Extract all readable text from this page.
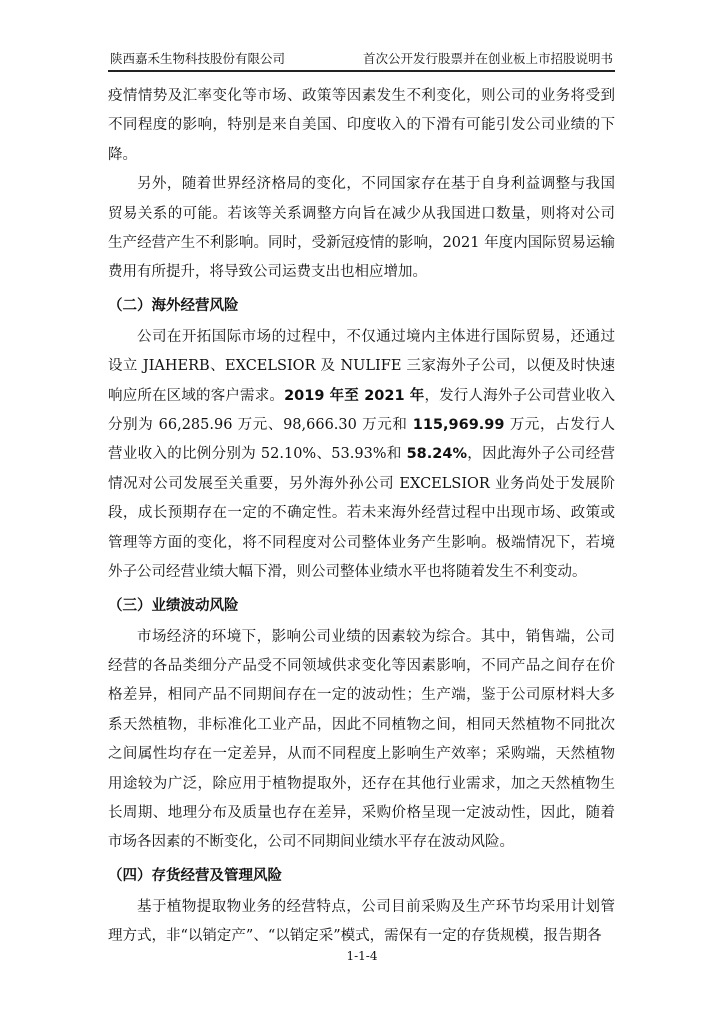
陕西嘉禾生物科技股份有限公司	首次公开发行股票并在创业板上市招股说明书

疫情情势及汇率变化等市场、政策等因素发生不利变化，则公司的业务将受到不同程度的影响，特别是来自美国、印度收入的下滑有可能引发公司业绩的下降。

另外，随着世界经济格局的变化，不同国家存在基于自身利益调整与我国贸易关系的可能。若该等关系调整方向旨在减少从我国进口数量，则将对公司生产经营产生不利影响。同时，受新冠疫情的影响，2021 年度内国际贸易运输费用有所提升，将导致公司运费支出也相应增加。

（二）海外经营风险

公司在开拓国际市场的过程中，不仅通过境内主体进行国际贸易，还通过设立 JIAHERB、EXCELSIOR 及 NULIFE 三家海外子公司，以便及时快速响应所在区域的客户需求。2019 年至 2021 年，发行人海外子公司营业收入分别为 66,285.96 万元、98,666.30 万元和 115,969.99 万元，占发行人营业收入的比例分别为 52.10%、53.93%和 58.24%，因此海外子公司经营情况对公司发展至关重要，另外海外孙公司 EXCELSIOR 业务尚处于发展阶段，成长预期存在一定的不确定性。若未来海外经营过程中出现市场、政策或管理等方面的变化，将不同程度对公司整体业务产生影响。极端情况下，若境外子公司经营业绩大幅下滑，则公司整体业绩水平也将随着发生不利变动。

（三）业绩波动风险

市场经济的环境下，影响公司业绩的因素较为综合。其中，销售端，公司经营的各品类细分产品受不同领域供求变化等因素影响，不同产品之间存在价格差异，相同产品不同期间存在一定的波动性；生产端，鉴于公司原材料大多系天然植物，非标准化工业产品，因此不同植物之间，相同天然植物不同批次之间属性均存在一定差异，从而不同程度上影响生产效率；采购端，天然植物用途较为广泛，除应用于植物提取外，还存在其他行业需求，加之天然植物生长周期、地理分布及质量也存在差异，采购价格呈现一定波动性，因此，随着市场各因素的不断变化，公司不同期间业绩水平存在波动风险。

（四）存货经营及管理风险

基于植物提取物业务的经营特点，公司目前采购及生产环节均采用计划管理方式，非“以销定产”、“以销定采”模式，需保有一定的存货规模，报告期各

1-1-4
